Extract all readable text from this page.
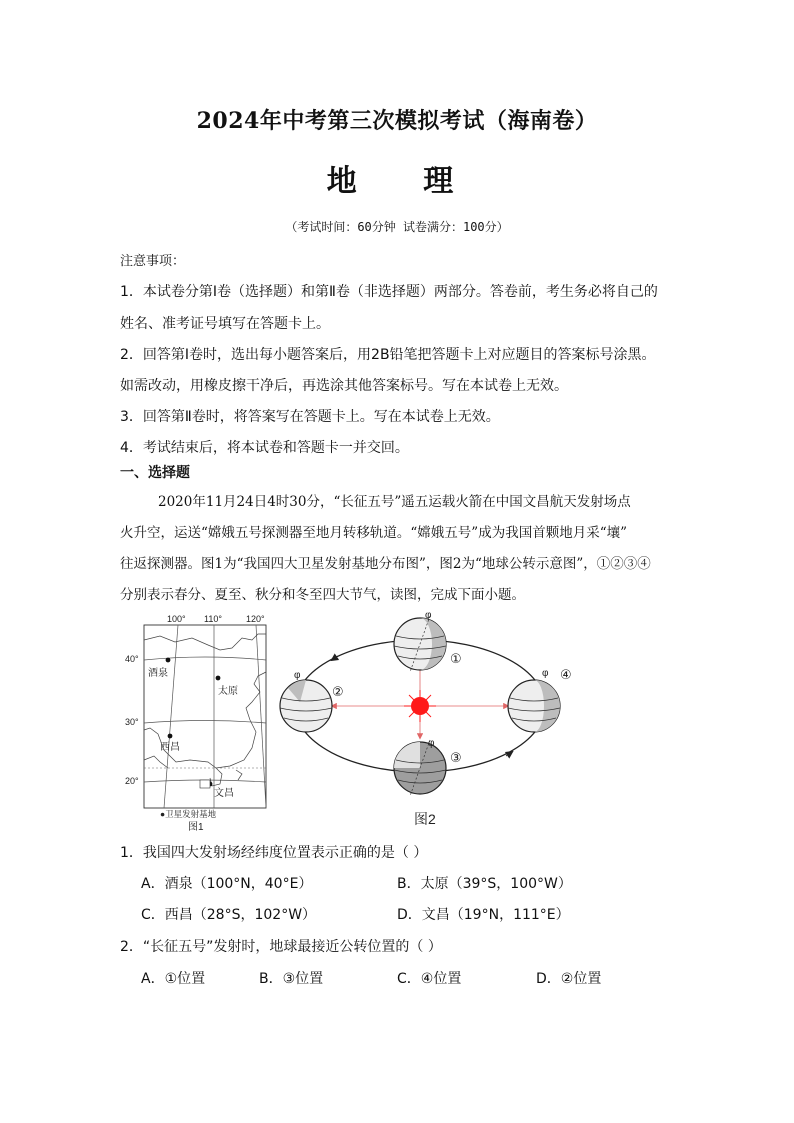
2024年中考第三次模拟考试（海南卷）
地 理
（考试时间：60分钟 试卷满分：100分）
注意事项：
1．本试卷分第Ⅰ卷（选择题）和第Ⅱ卷（非选择题）两部分。答卷前，考生务必将自己的
姓名、准考证号填写在答题卡上。
2．回答第Ⅰ卷时，选出每小题答案后，用2B铅笔把答题卡上对应题目的答案标号涂黑。
如需改动，用橡皮擦干净后，再选涂其他答案标号。写在本试卷上无效。
3．回答第Ⅱ卷时，将答案写在答题卡上。写在本试卷上无效。
4．考试结束后，将本试卷和答题卡一并交回。
一、选择题
2020年11月24日4时30分，“长征五号”遥五运载火箭在中国文昌航天发射场点
火升空，运送“嫦娥五号探测器至地月转移轨道。“嫦娥五号”成为我国首颗地月采“壤”
往返探测器。图1为“我国四大卫星发射基地分布图”，图2为“地球公转示意图”，①②③④
分别表示春分、夏至、秋分和冬至四大节气，读图，完成下面小题。
100° 110°	120°
40°
30°
20°
酒泉
太原
西昌
文昌
●卫星发射基地
图1
φ
φ	φ
φ
①
②
③
④
图2
1．我国四大发射场经纬度位置表示正确的是（ ）
A．酒泉（100°N，40°E）	B．太原（39°S，100°W）
C．西昌（28°S，102°W）	D．文昌（19°N，111°E）
2．“长征五号”发射时，地球最接近公转位置的（ ）
A．①位置	B．③位置	C．④位置	D．②位置
